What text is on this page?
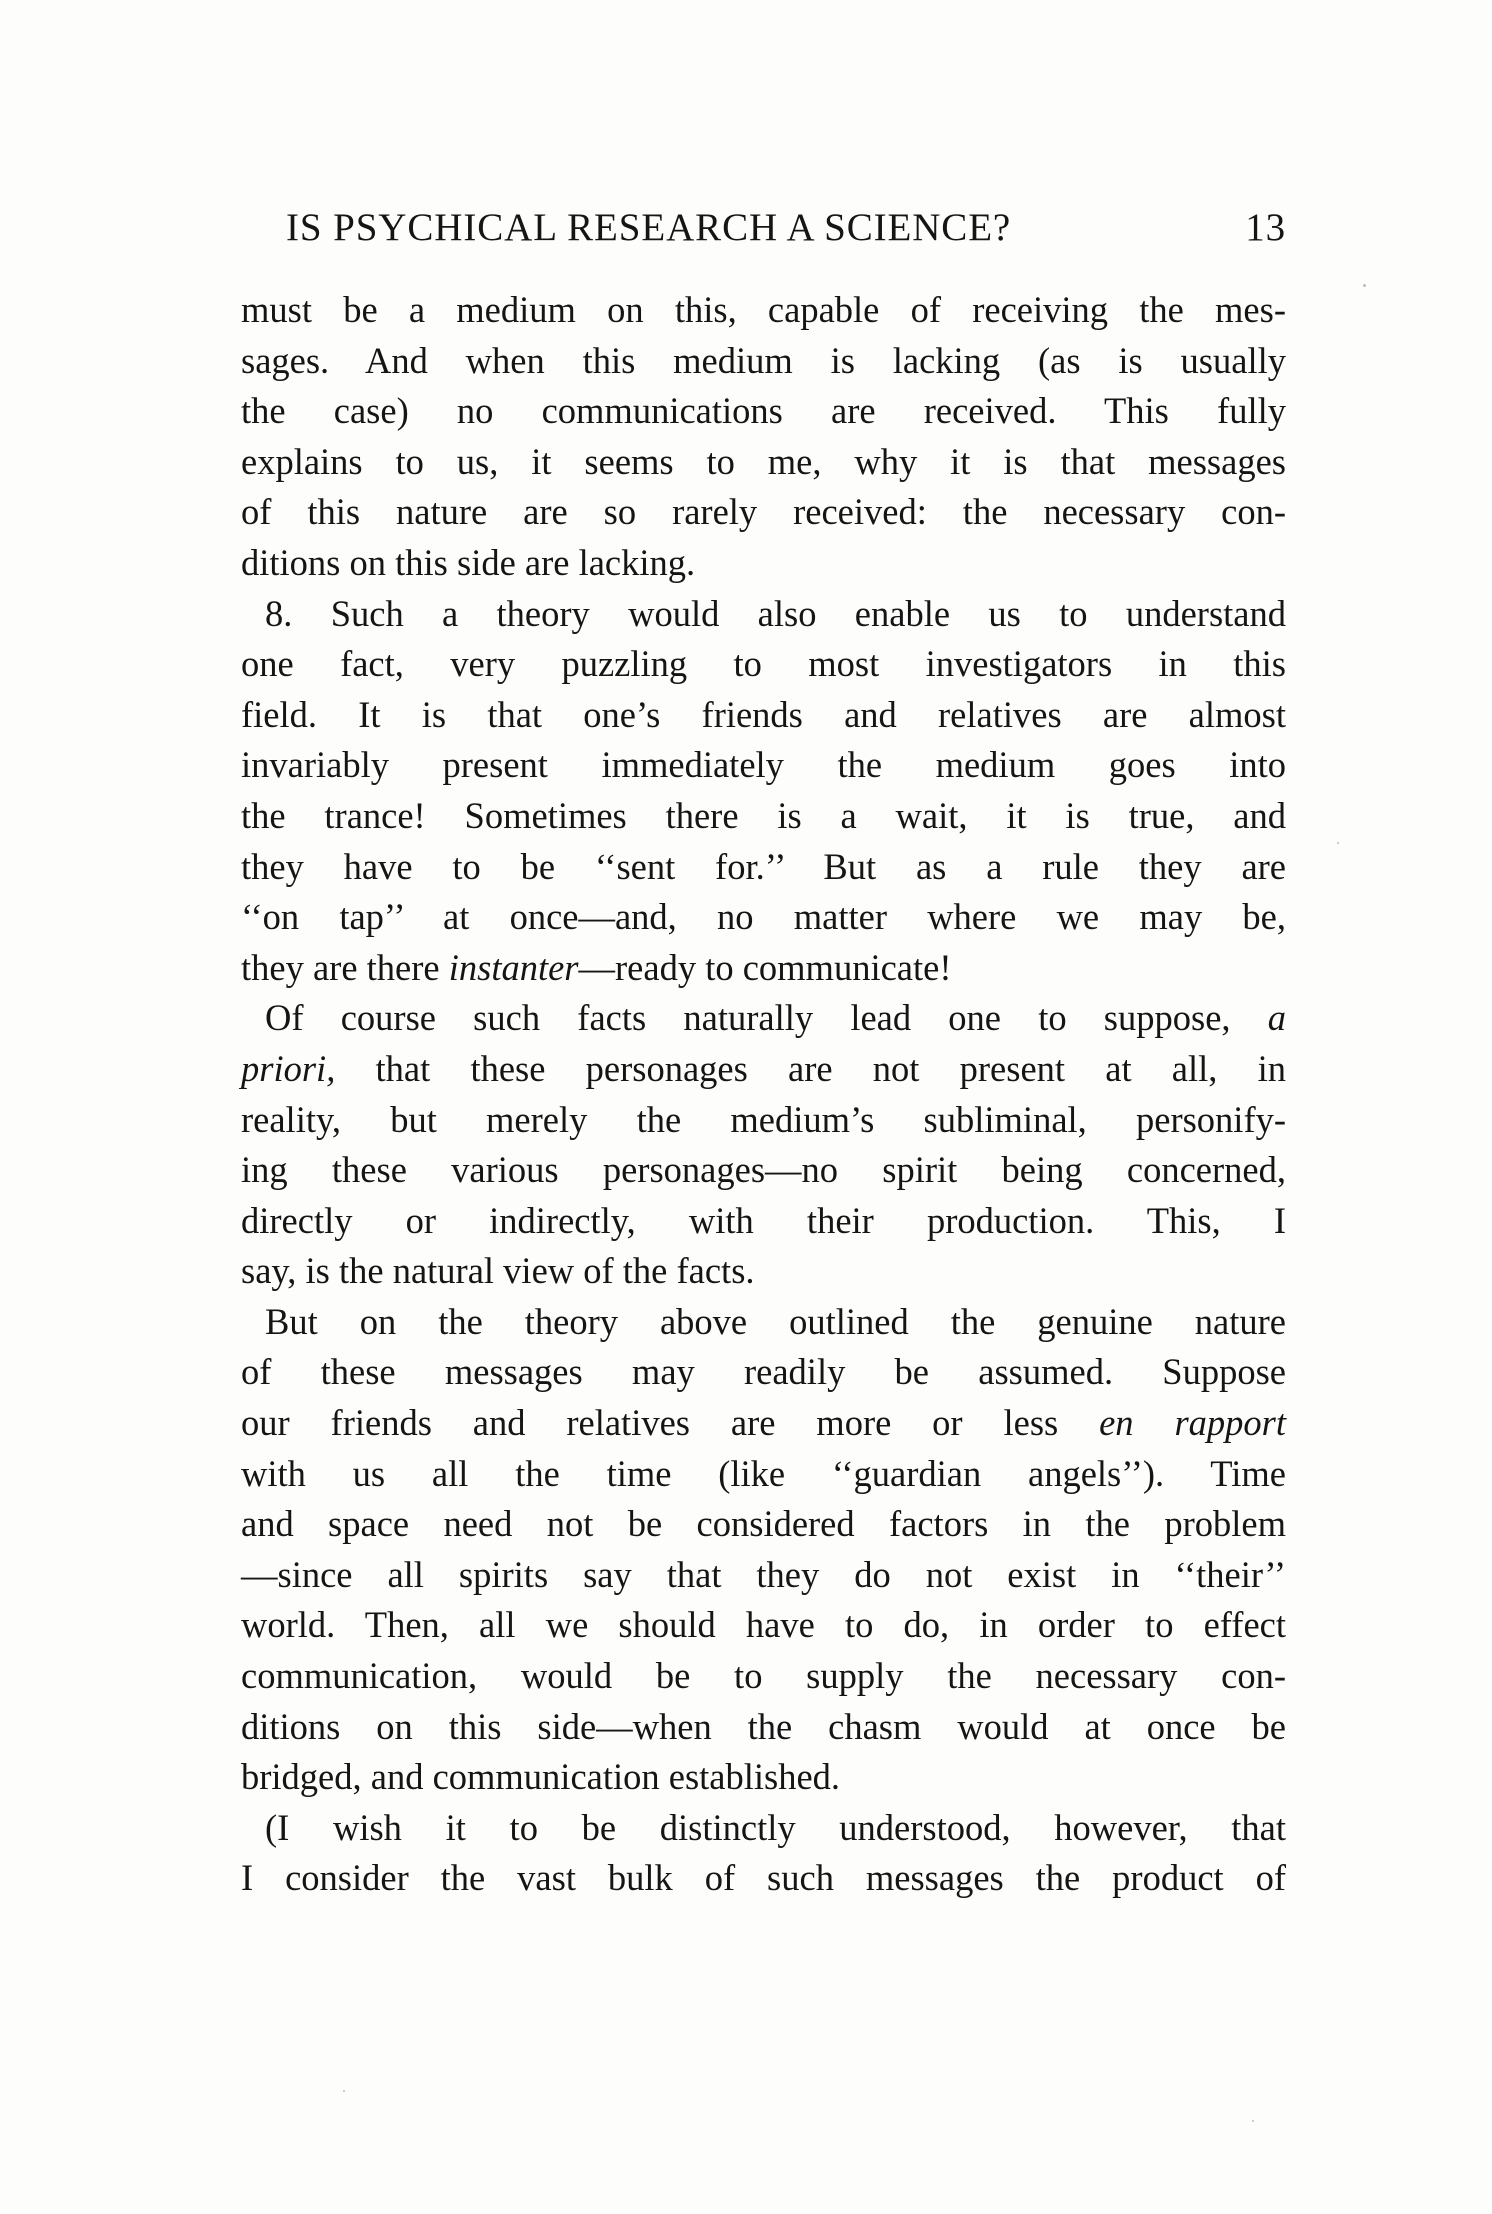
IS PSYCHICAL RESEARCH A SCIENCE?	13
must be a medium on this, capable of receiving the mes-
sages. And when this medium is lacking (as is usually
the case) no communications are received. This fully
explains to us, it seems to me, why it is that messages
of this nature are so rarely received: the necessary con-
ditions on this side are lacking.
8. Such a theory would also enable us to understand
one fact, very puzzling to most investigators in this
field. It is that one’s friends and relatives are almost
invariably present immediately the medium goes into
the trance! Sometimes there is a wait, it is true, and
they have to be ‘‘sent for.’’ But as a rule they are
‘‘on tap’’ at once—and, no matter where we may be,
they are there instanter—ready to communicate!
Of course such facts naturally lead one to suppose, a
priori, that these personages are not present at all, in
reality, but merely the medium’s subliminal, personify-
ing these various personages—no spirit being concerned,
directly or indirectly, with their production. This, I
say, is the natural view of the facts.
But on the theory above outlined the genuine nature
of these messages may readily be assumed. Suppose
our friends and relatives are more or less en rapport
with us all the time (like ‘‘guardian angels’’). Time
and space need not be considered factors in the problem
—since all spirits say that they do not exist in ‘‘their’’
world. Then, all we should have to do, in order to effect
communication, would be to supply the necessary con-
ditions on this side—when the chasm would at once be
bridged, and communication established.
(I wish it to be distinctly understood, however, that
I consider the vast bulk of such messages the product of
